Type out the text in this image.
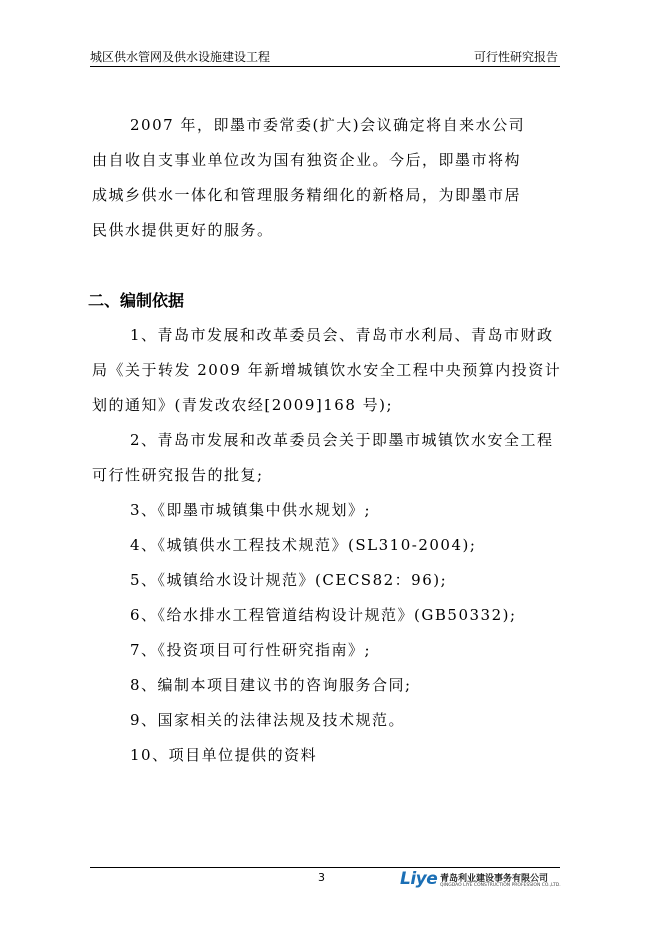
城区供水管网及供水设施建设工程	可行性研究报告

2007 年，即墨市委常委(扩大)会议确定将自来水公司
由自收自支事业单位改为国有独资企业。今后，即墨市将构
成城乡供水一体化和管理服务精细化的新格局，为即墨市居
民供水提供更好的服务。

二、编制依据

1、青岛市发展和改革委员会、青岛市水利局、青岛市财政局《关于转发 2009 年新增城镇饮水安全工程中央预算内投资计划的通知》(青发改农经[2009]168 号);

2、青岛市发展和改革委员会关于即墨市城镇饮水安全工程可行性研究报告的批复;

3、《即墨市城镇集中供水规划》;

4、《城镇供水工程技术规范》(SL310-2004);

5、《城镇给水设计规范》(CECS82：96);

6、《给水排水工程管道结构设计规范》(GB50332);

7、《投资项目可行性研究指南》;

8、编制本项目建议书的咨询服务合同;

9、国家相关的法律法规及技术规范。

10、项目单位提供的资料

3	Liye 青岛利业建设事务有限公司
QINGDAO LIYE CONSTRUCTION PROFESSION CO.,LTD.
